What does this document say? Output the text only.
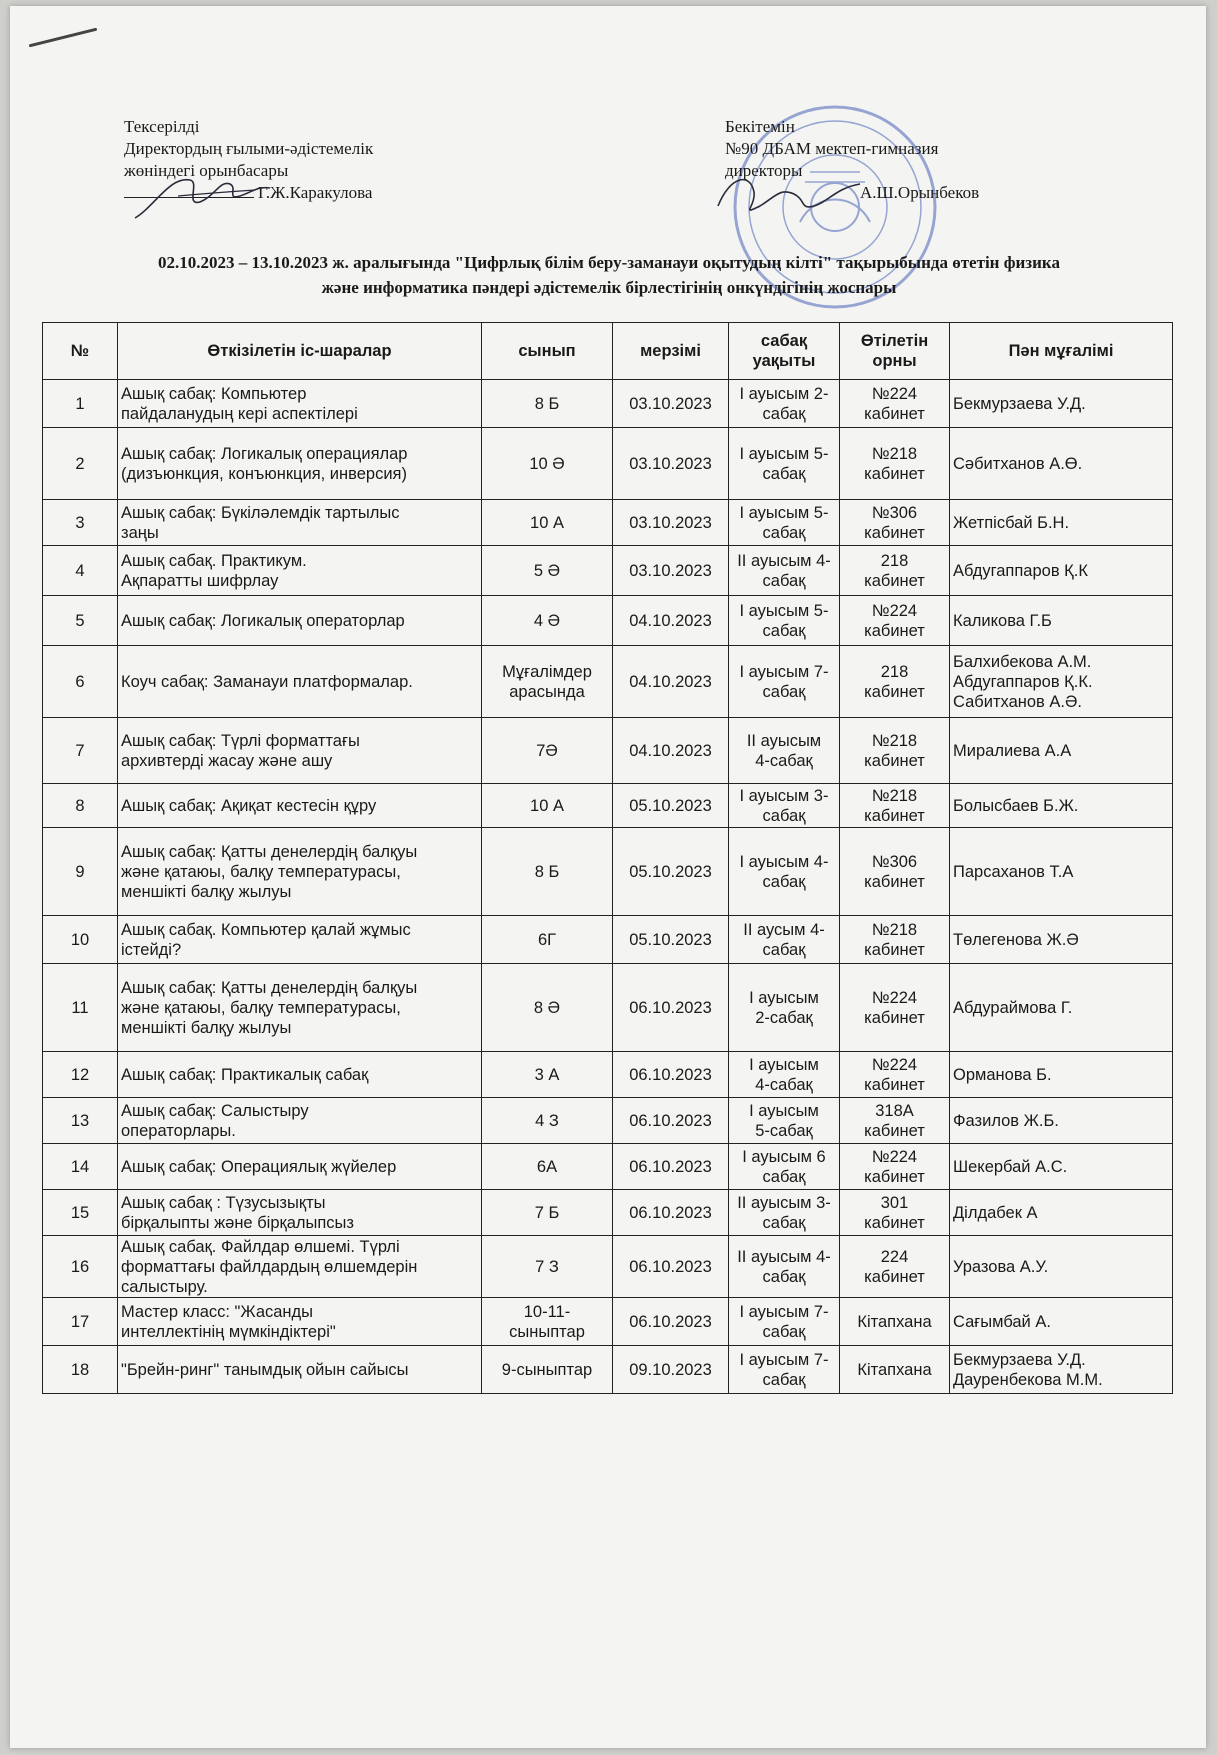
Тексерілді
Директордың ғылыми-әдістемелік
жөніндегі орынбасары
Г.Ж.Каракулова
Бекітемін
№90 ДБАМ мектеп-гимназия
директоры
А.Ш.Орынбеков
02.10.2023 – 13.10.2023 ж. аралығында "Цифрлық білім беру-заманауи оқытудың кілті" тақырыбында өтетін физика
және информатика пәндері әдістемелік бірлестігінің онкүндігінің жоспары
№	Өткізілетін іс-шаралар	сынып	мерзімі	сабақ уақыты	Өтілетін орны	Пән мұғалімі
1	Ашық сабақ: Компьютер
пайдаланудың кері аспектілері	8 Б	03.10.2023	I ауысым 2-
сабақ	№224
кабинет	Бекмурзаева У.Д.
2	Ашық сабақ: Логикалық операциялар
(дизъюнкция, конъюнкция, инверсия)	10 Ә	03.10.2023	I ауысым 5-
сабақ	№218
кабинет	Сәбитханов А.Ө.
3	Ашық сабақ: Бүкіләлемдік тартылыс
заңы	10 А	03.10.2023	I ауысым 5-
сабақ	№306
кабинет	Жетпісбай Б.Н.
4	Ашық сабақ. Практикум.
Ақпаратты шифрлау	5 Ә	03.10.2023	II ауысым 4-
сабақ	218
кабинет	Абдугаппаров Қ.К
5	Ашық сабақ: Логикалық операторлар	4 Ә	04.10.2023	I ауысым 5-
сабақ	№224
кабинет	Каликова Г.Б
6	Коуч сабақ: Заманауи платформалар.	Мұғалімдер
арасында	04.10.2023	I ауысым 7-
сабақ	218
кабинет	Балхибекова А.М.
Абдугаппаров Қ.К.
Сабитханов А.Ә.
7	Ашық сабақ: Түрлі форматтағы
архивтерді жасау және ашу	7Ә	04.10.2023	II ауысым
4-сабақ	№218
кабинет	Миралиева А.А
8	Ашық сабақ: Ақиқат кестесін құру	10 А	05.10.2023	I ауысым 3-
сабақ	№218
кабинет	Болысбаев Б.Ж.
9	Ашық сабақ: Қатты денелердің балқуы
және қатаюы, балқу температурасы,
меншікті балқу жылуы	8 Б	05.10.2023	I ауысым 4-
сабақ	№306
кабинет	Парсаханов Т.А
10	Ашық сабақ. Компьютер қалай жұмыс
істейді?	6Г	05.10.2023	II аусым 4-
сабақ	№218
кабинет	Төлегенова Ж.Ә
11	Ашық сабақ: Қатты денелердің балқуы
және қатаюы, балқу температурасы,
меншікті балқу жылуы	8 Ә	06.10.2023	I ауысым
2-сабақ	№224
кабинет	Абдураймова Г.
12	Ашық сабақ: Практикалық сабақ	3 А	06.10.2023	I ауысым
4-сабақ	№224
кабинет	Орманова Б.
13	Ашық сабақ: Салыстыру
операторлары.	4 З	06.10.2023	I ауысым
5-сабақ	318А
кабинет	Фазилов Ж.Б.
14	Ашық сабақ: Операциялық жүйелер	6А	06.10.2023	I ауысым 6
сабақ	№224
кабинет	Шекербай А.С.
15	Ашық сабақ : Түзусызықты
бірқалыпты және бірқалыпсыз	7 Б	06.10.2023	II ауысым 3-
сабақ	301
кабинет	Ділдабек А
16	Ашық сабақ. Файлдар өлшемі. Түрлі
форматтағы файлдардың өлшемдерін
салыстыру.	7 З	06.10.2023	II ауысым 4-
сабақ	224
кабинет	Уразова А.У.
17	Мастер класс: "Жасанды
интеллектінің мүмкіндіктері"	10-11-
сыныптар	06.10.2023	I ауысым 7-
сабақ	Кітапхана	Сағымбай А.
18	"Брейн-ринг" танымдық ойын сайысы	9-сыныптар	09.10.2023	I ауысым 7-
сабақ	Кітапхана	Бекмурзаева У.Д.
Дауренбекова М.М.
